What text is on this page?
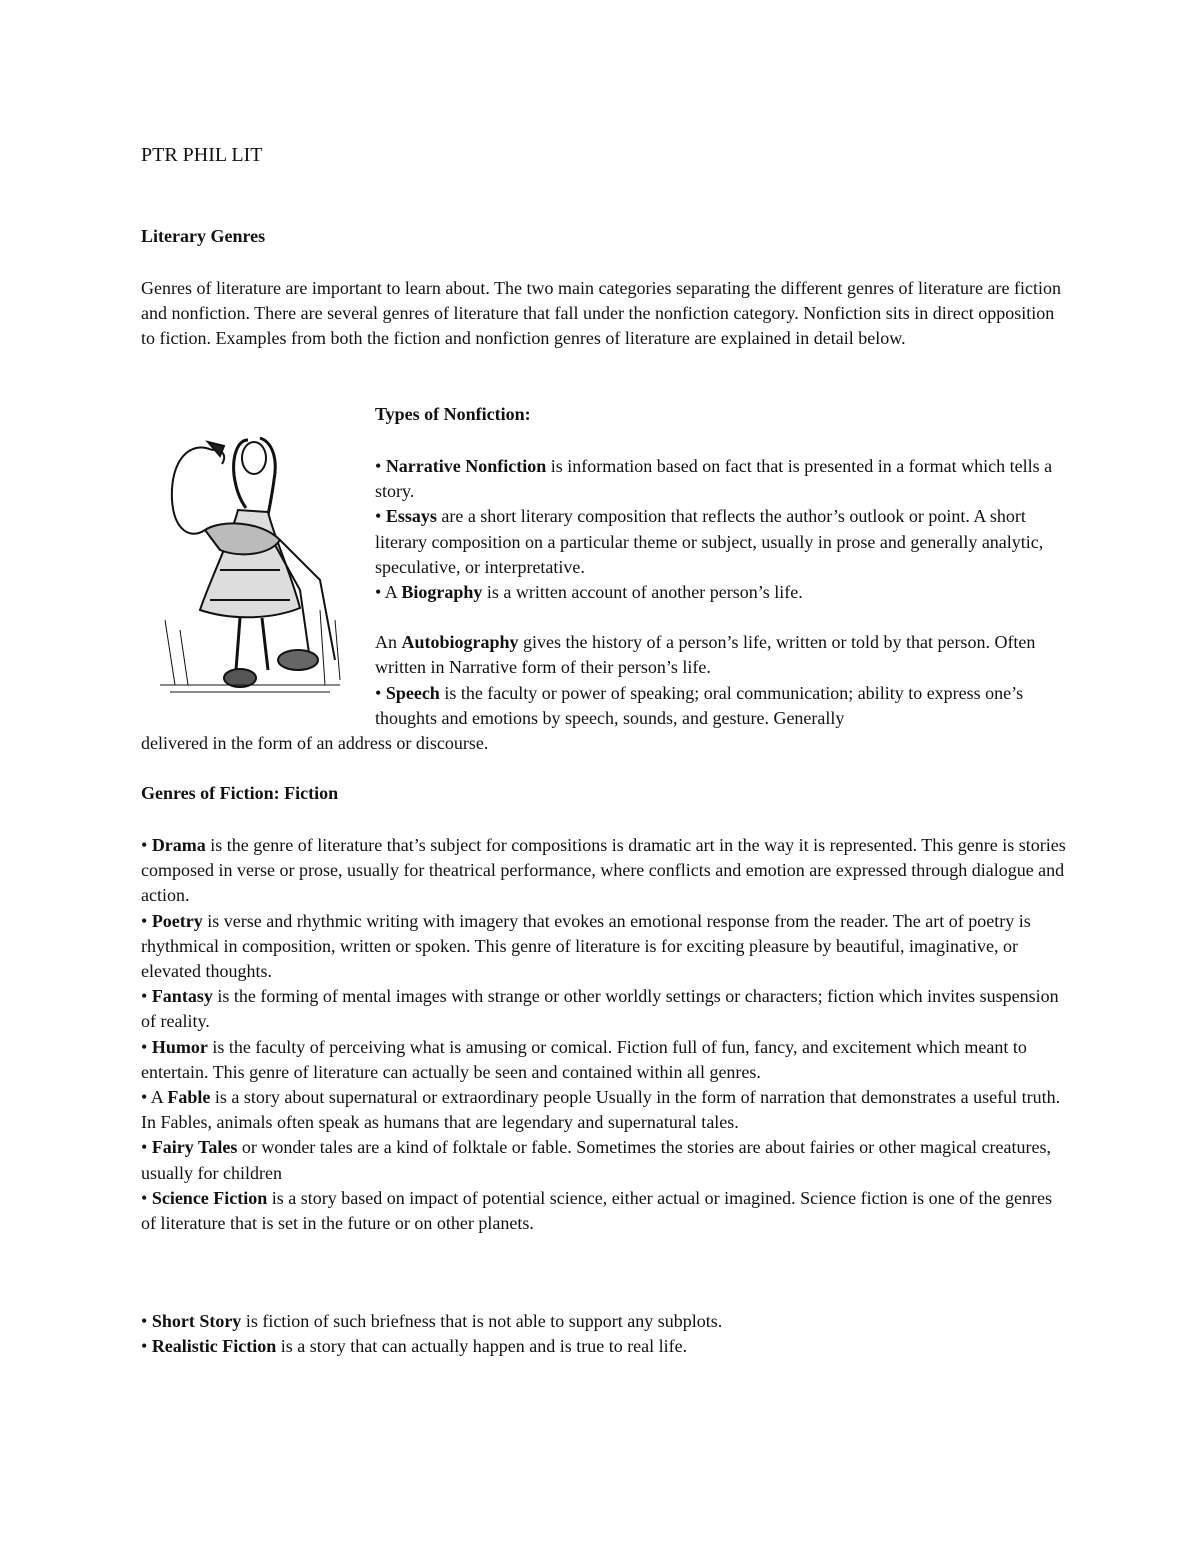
PTR PHIL LIT
Literary Genres
Genres of literature are important to learn about. The two main categories separating the different genres of literature are fiction and nonfiction. There are several genres of literature that fall under the nonfiction category. Nonfiction sits in direct opposition to fiction. Examples from both the fiction and nonfiction genres of literature are explained in detail below.
Types of Nonfiction:
• Narrative Nonfiction is information based on fact that is presented in a format which tells a story.
• Essays are a short literary composition that reflects the author’s outlook or point. A short literary composition on a particular theme or subject, usually in prose and generally analytic, speculative, or interpretative.
• A Biography is a written account of another person’s life.
An Autobiography gives the history of a person’s life, written or told by that person. Often written in Narrative form of their person’s life.
• Speech is the faculty or power of speaking; oral communication; ability to express one’s thoughts and emotions by speech, sounds, and gesture. Generally
delivered in the form of an address or discourse.
Genres of Fiction: Fiction
• Drama is the genre of literature that’s subject for compositions is dramatic art in the way it is represented. This genre is stories composed in verse or prose, usually for theatrical performance, where conflicts and emotion are expressed through dialogue and action.
• Poetry is verse and rhythmic writing with imagery that evokes an emotional response from the reader. The art of poetry is rhythmical in composition, written or spoken. This genre of literature is for exciting pleasure by beautiful, imaginative, or elevated thoughts.
• Fantasy is the forming of mental images with strange or other worldly settings or characters; fiction which invites suspension of reality.
• Humor is the faculty of perceiving what is amusing or comical. Fiction full of fun, fancy, and excitement which meant to entertain. This genre of literature can actually be seen and contained within all genres.
• A Fable is a story about supernatural or extraordinary people Usually in the form of narration that demonstrates a useful truth. In Fables, animals often speak as humans that are legendary and supernatural tales.
• Fairy Tales or wonder tales are a kind of folktale or fable. Sometimes the stories are about fairies or other magical creatures, usually for children
• Science Fiction is a story based on impact of potential science, either actual or imagined. Science fiction is one of the genres of literature that is set in the future or on other planets.
• Short Story is fiction of such briefness that is not able to support any subplots.
• Realistic Fiction is a story that can actually happen and is true to real life.
